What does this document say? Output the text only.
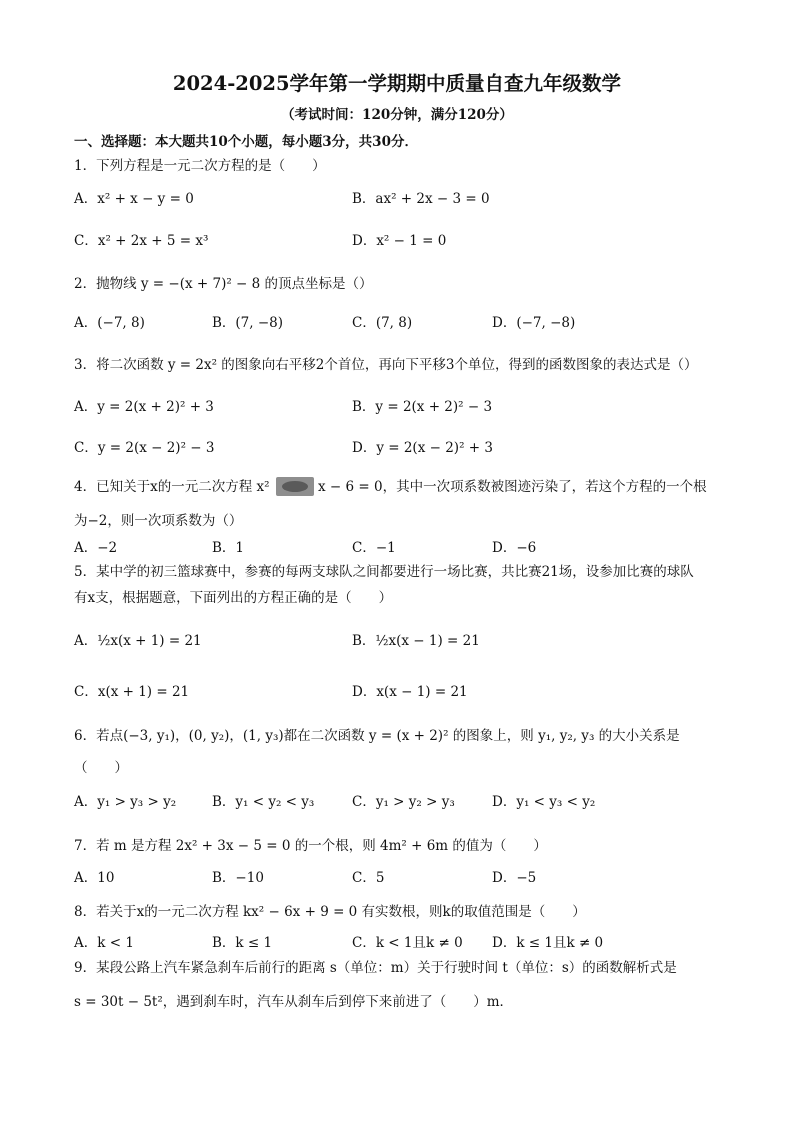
2024-2025学年第一学期期中质量自查九年级数学
（考试时间：120分钟，满分120分）
一、选择题：本大题共10个小题，每小题3分，共30分．
1．下列方程是一元二次方程的是（　　）
A．x² + x − y = 0	B．ax² + 2x − 3 = 0
C．x² + 2x + 5 = x³	D．x² − 1 = 0
2．抛物线 y = −(x + 7)² − 8 的顶点坐标是（）
A．(−7, 8)	B．(7, −8)	C．(7, 8)	D．(−7, −8)
3．将二次函数 y = 2x² 的图象向右平移2个首位，再向下平移3个单位，得到的函数图象的表达式是（）
A．y = 2(x + 2)² + 3	B．y = 2(x + 2)² − 3
C．y = 2(x − 2)² − 3	D．y = 2(x − 2)² + 3
4．已知关于x的一元二次方程 x²	x − 6 = 0，其中一次项系数被图迹污染了，若这个方程的一个根
为−2，则一次项系数为（）
A．−2	B．1	C．−1	D．−6
5．某中学的初三篮球赛中，参赛的每两支球队之间都要进行一场比赛，共比赛21场，设参加比赛的球队
有x支，根据题意，下面列出的方程正确的是（　　）
A．½x(x + 1) = 21	B．½x(x − 1) = 21
C．x(x + 1) = 21	D．x(x − 1) = 21
6．若点(−3, y₁)，(0, y₂)，(1, y₃)都在二次函数 y = (x + 2)² 的图象上，则 y₁, y₂, y₃ 的大小关系是
（　　）
A．y₁ > y₃ > y₂	B．y₁ < y₂ < y₃	C．y₁ > y₂ > y₃	D．y₁ < y₃ < y₂
7．若 m 是方程 2x² + 3x − 5 = 0 的一个根，则 4m² + 6m 的值为（　　）
A．10	B．−10	C．5	D．−5
8．若关于x的一元二次方程 kx² − 6x + 9 = 0 有实数根，则k的取值范围是（　　）
A．k < 1	B．k ≤ 1	C．k < 1且k ≠ 0 D．k ≤ 1且k ≠ 0
9．某段公路上汽车紧急刹车后前行的距离 s（单位：m）关于行驶时间 t（单位：s）的函数解析式是
s = 30t − 5t²，遇到刹车时，汽车从刹车后到停下来前进了（　　）m．
